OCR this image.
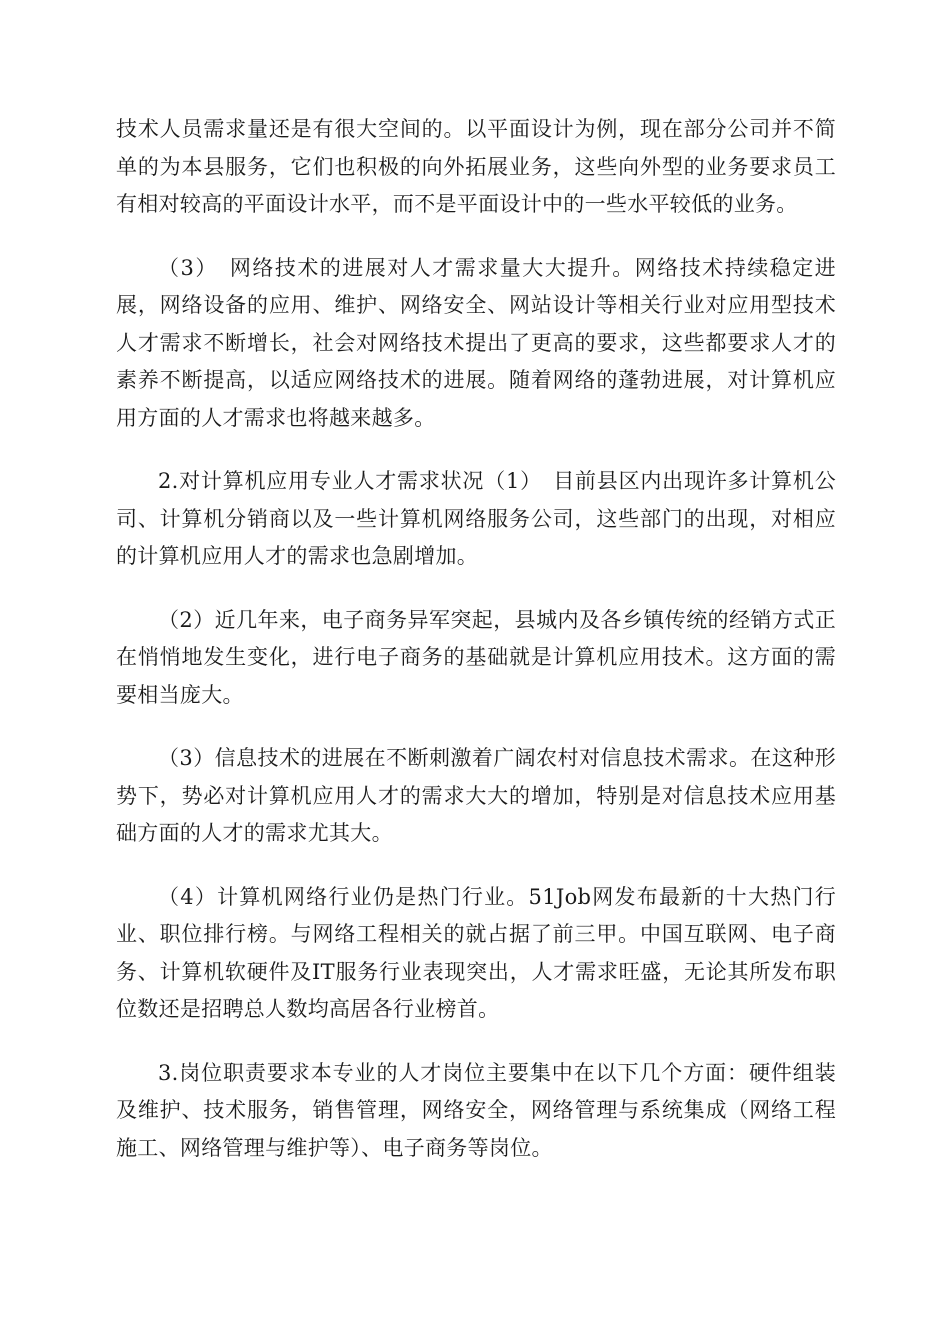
技术人员需求量还是有很大空间的。以平面设计为例，现在部分公司并不简单的为本县服务，它们也积极的向外拓展业务，这些向外型的业务要求员工有相对较高的平面设计水平，而不是平面设计中的一些水平较低的业务。

（3）　网络技术的进展对人才需求量大大提升。网络技术持续稳定进展，网络设备的应用、维护、网络安全、网站设计等相关行业对应用型技术人才需求不断增长，社会对网络技术提出了更高的要求，这些都要求人才的素养不断提高，以适应网络技术的进展。随着网络的蓬勃进展，对计算机应用方面的人才需求也将越来越多。

2.对计算机应用专业人才需求状况（1）　目前县区内出现许多计算机公司、计算机分销商以及一些计算机网络服务公司，这些部门的出现，对相应的计算机应用人才的需求也急剧增加。

（2）近几年来，电子商务异军突起，县城内及各乡镇传统的经销方式正在悄悄地发生变化，进行电子商务的基础就是计算机应用技术。这方面的需要相当庞大。

（3）信息技术的进展在不断刺激着广阔农村对信息技术需求。在这种形势下，势必对计算机应用人才的需求大大的增加，特别是对信息技术应用基础方面的人才的需求尤其大。

（4）计算机网络行业仍是热门行业。51Job网发布最新的十大热门行业、职位排行榜。与网络工程相关的就占据了前三甲。中国互联网、电子商务、计算机软硬件及IT服务行业表现突出，人才需求旺盛，无论其所发布职位数还是招聘总人数均高居各行业榜首。

3.岗位职责要求本专业的人才岗位主要集中在以下几个方面：硬件组装及维护、技术服务，销售管理，网络安全，网络管理与系统集成（网络工程施工、网络管理与维护等）、电子商务等岗位。
